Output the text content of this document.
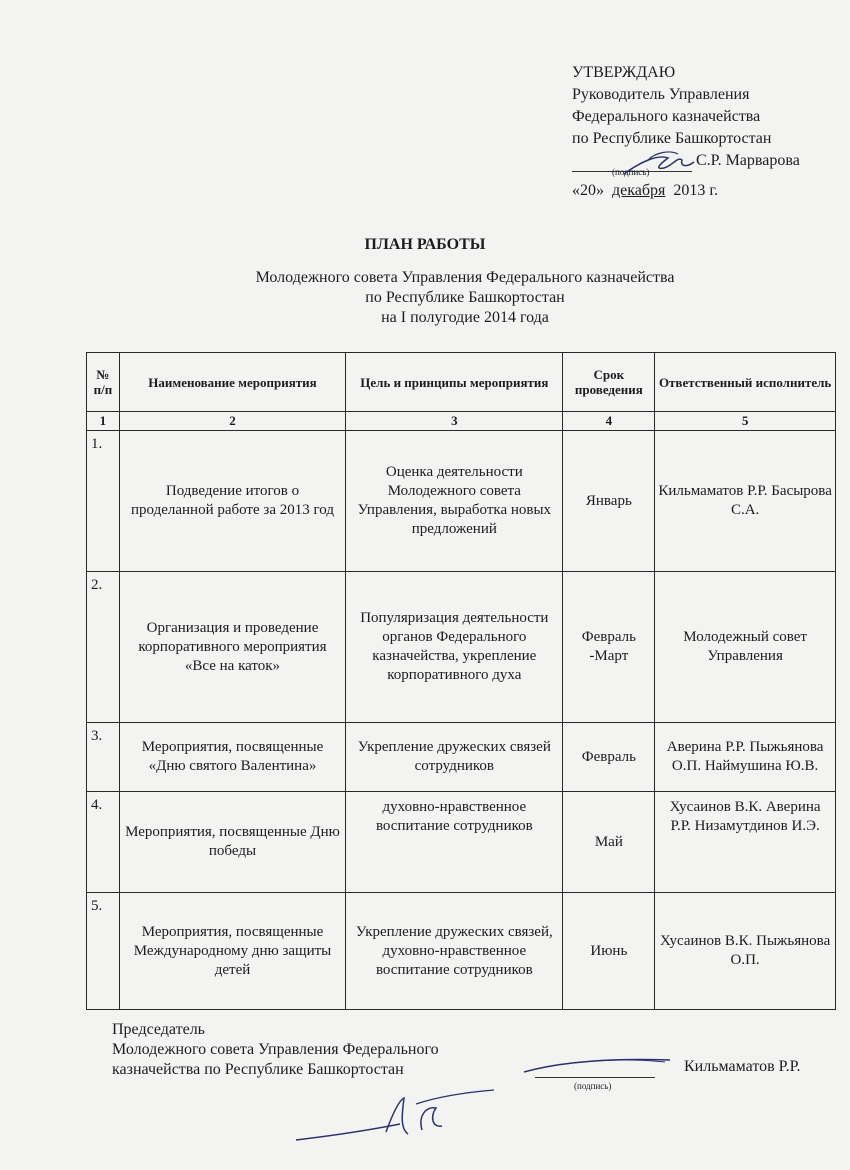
УТВЕРЖДАЮ
Руководитель Управления
Федерального казначейства
по Республике Башкортостан
С.Р. Марварова
(подпись)
«20» декабря 2013 г.
ПЛАН РАБОТЫ
Молодежного совета Управления Федерального казначейства
по Республике Башкортостан
на I полугодие 2014 года
№ п/п	Наименование мероприятия	Цель и принципы мероприятия	Срок проведения	Ответственный исполнитель
1	2	3	4	5
1.	Подведение итогов о проделанной работе за 2013 год	Оценка деятельности Молодежного совета Управления, выработка новых предложений	Январь	Кильмаматов Р.Р. Басырова С.А.
2.	Организация и проведение корпоративного мероприятия «Все на каток»	Популяризация деятельности органов Федерального казначейства, укрепление корпоративного духа	Февраль -Март	Молодежный совет Управления
3.	Мероприятия, посвященные «Дню святого Валентина»	Укрепление дружеских связей сотрудников	Февраль	Аверина Р.Р. Пыжьянова О.П. Наймушина Ю.В.
4.	Мероприятия, посвященные Дню победы	духовно-нравственное воспитание сотрудников	Май	Хусаинов В.К. Аверина Р.Р. Низамутдинов И.Э.
5.	Мероприятия, посвященные Международному дню защиты детей	Укрепление дружеских связей, духовно-нравственное воспитание сотрудников	Июнь	Хусаинов В.К. Пыжьянова О.П.
Председатель
Молодежного совета Управления Федерального
казначейства по Республике Башкортостан
(подпись)
Кильмаматов Р.Р.
